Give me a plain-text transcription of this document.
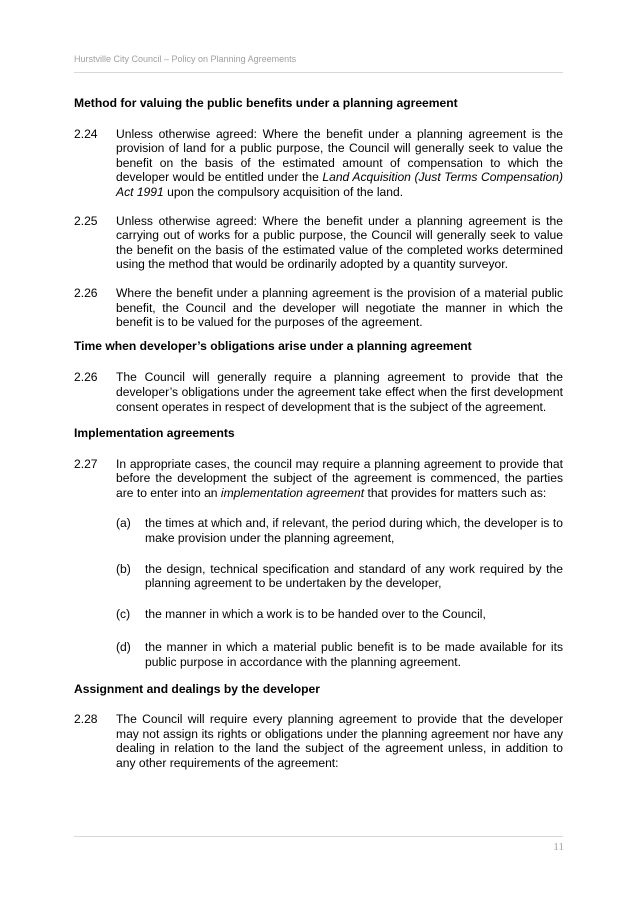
Hurstville City Council – Policy on Planning Agreements

Method for valuing the public benefits under a planning agreement

2.24	Unless otherwise agreed: Where the benefit under a planning agreement is the provision of land for a public purpose, the Council will generally seek to value the benefit on the basis of the estimated amount of compensation to which the developer would be entitled under the Land Acquisition (Just Terms Compensation) Act 1991 upon the compulsory acquisition of the land.
2.25	Unless otherwise agreed: Where the benefit under a planning agreement is the carrying out of works for a public purpose, the Council will generally seek to value the benefit on the basis of the estimated value of the completed works determined using the method that would be ordinarily adopted by a quantity surveyor.
2.26	Where the benefit under a planning agreement is the provision of a material public benefit, the Council and the developer will negotiate the manner in which the benefit is to be valued for the purposes of the agreement.

Time when developer’s obligations arise under a planning agreement

2.26	The Council will generally require a planning agreement to provide that the developer’s obligations under the agreement take effect when the first development consent operates in respect of development that is the subject of the agreement.

Implementation agreements

2.27	In appropriate cases, the council may require a planning agreement to provide that before the development the subject of the agreement is commenced, the parties are to enter into an implementation agreement that provides for matters such as:
(a)	the times at which and, if relevant, the period during which, the developer is to make provision under the planning agreement,
(b)	the design, technical specification and standard of any work required by the planning agreement to be undertaken by the developer,
(c)	the manner in which a work is to be handed over to the Council,
(d)	the manner in which a material public benefit is to be made available for its public purpose in accordance with the planning agreement.

Assignment and dealings by the developer

2.28	The Council will require every planning agreement to provide that the developer may not assign its rights or obligations under the planning agreement nor have any dealing in relation to the land the subject of the agreement unless, in addition to any other requirements of the agreement:
11
